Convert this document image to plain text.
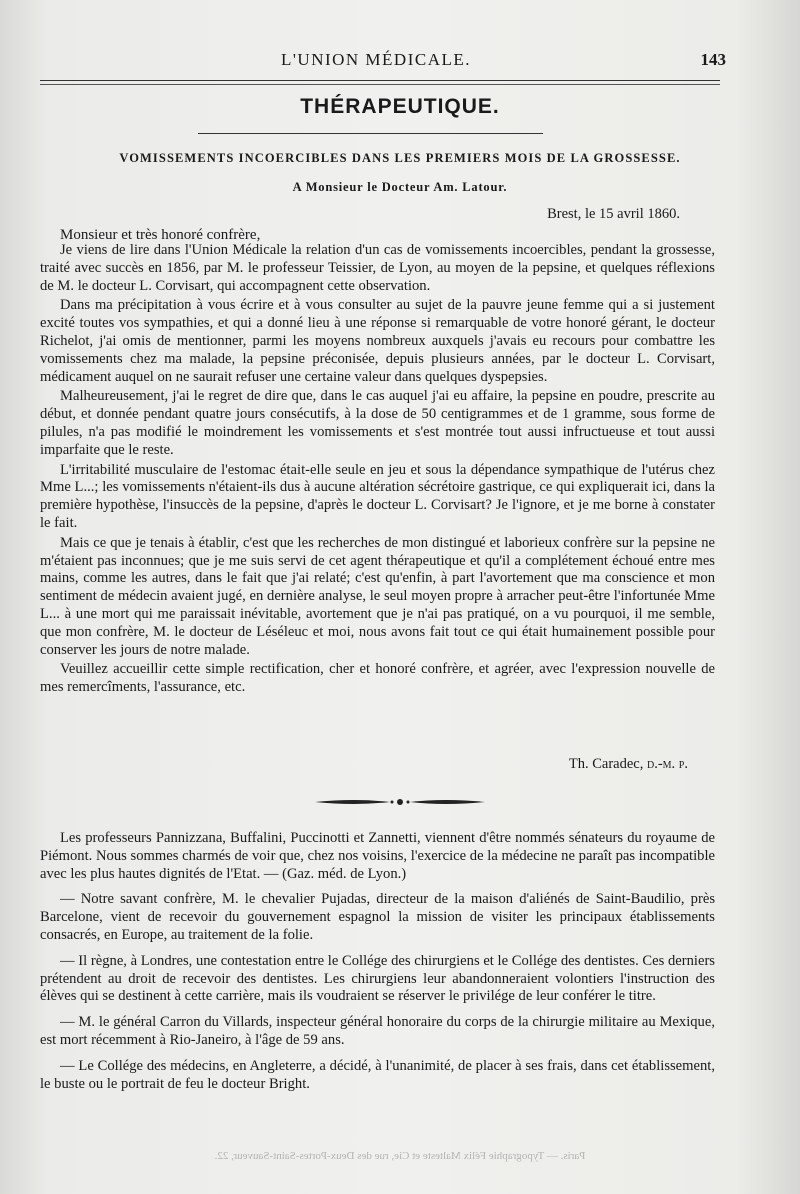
L'UNION MÉDICALE.	143
THÉRAPEUTIQUE.
VOMISSEMENTS INCOERCIBLES DANS LES PREMIERS MOIS DE LA GROSSESSE.
A Monsieur le Docteur Am. Latour.
Brest, le 15 avril 1860.
Monsieur et très honoré confrère,

Je viens de lire dans l'Union Médicale la relation d'un cas de vomissements incoercibles, pendant la grossesse, traité avec succès en 1856, par M. le professeur Teissier, de Lyon, au moyen de la pepsine, et quelques réflexions de M. le docteur L. Corvisart, qui accompagnent cette observation.

Dans ma précipitation à vous écrire et à vous consulter au sujet de la pauvre jeune femme qui a si justement excité toutes vos sympathies, et qui a donné lieu à une réponse si remarquable de votre honoré gérant, le docteur Richelot, j'ai omis de mentionner, parmi les moyens nombreux auxquels j'avais eu recours pour combattre les vomissements chez ma malade, la pepsine préconisée, depuis plusieurs années, par le docteur L. Corvisart, médicament auquel on ne saurait refuser une certaine valeur dans quelques dyspepsies.

Malheureusement, j'ai le regret de dire que, dans le cas auquel j'ai eu affaire, la pepsine en poudre, prescrite au début, et donnée pendant quatre jours consécutifs, à la dose de 50 centigrammes et de 1 gramme, sous forme de pilules, n'a pas modifié le moindrement les vomissements et s'est montrée tout aussi infructueuse et tout aussi imparfaite que le reste.

L'irritabilité musculaire de l'estomac était-elle seule en jeu et sous la dépendance sympathique de l'utérus chez Mme L...; les vomissements n'étaient-ils dus à aucune altération sécrétoire gastrique, ce qui expliquerait ici, dans la première hypothèse, l'insuccès de la pepsine, d'après le docteur L. Corvisart? Je l'ignore, et je me borne à constater le fait.

Mais ce que je tenais à établir, c'est que les recherches de mon distingué et laborieux confrère sur la pepsine ne m'étaient pas inconnues; que je me suis servi de cet agent thérapeutique et qu'il a complétement échoué entre mes mains, comme les autres, dans le fait que j'ai relaté; c'est qu'enfin, à part l'avortement que ma conscience et mon sentiment de médecin avaient jugé, en dernière analyse, le seul moyen propre à arracher peut-être l'infortunée Mme L... à une mort qui me paraissait inévitable, avortement que je n'ai pas pratiqué, on a vu pourquoi, il me semble, que mon confrère, M. le docteur de Léséleuc et moi, nous avons fait tout ce qui était humainement possible pour conserver les jours de notre malade.

Veuillez accueillir cette simple rectification, cher et honoré confrère, et agréer, avec l'expression nouvelle de mes remercîments, l'assurance, etc.

Th. Caradec, d.-m. p.

Les professeurs Pannizzana, Buffalini, Puccinotti et Zannetti, viennent d'être nommés sénateurs du royaume de Piémont. Nous sommes charmés de voir que, chez nos voisins, l'exercice de la médecine ne paraît pas incompatible avec les plus hautes dignités de l'Etat. — (Gaz. méd. de Lyon.)

— Notre savant confrère, M. le chevalier Pujadas, directeur de la maison d'aliénés de Saint-Baudilio, près Barcelone, vient de recevoir du gouvernement espagnol la mission de visiter les principaux établissements consacrés, en Europe, au traitement de la folie.

— Il règne, à Londres, une contestation entre le Collége des chirurgiens et le Collége des dentistes. Ces derniers prétendent au droit de recevoir des dentistes. Les chirurgiens leur abandonneraient volontiers l'instruction des élèves qui se destinent à cette carrière, mais ils voudraient se réserver le privilége de leur conférer le titre.

— M. le général Carron du Villards, inspecteur général honoraire du corps de la chirurgie militaire au Mexique, est mort récemment à Rio-Janeiro, à l'âge de 59 ans.

— Le Collége des médecins, en Angleterre, a décidé, à l'unanimité, de placer à ses frais, dans cet établissement, le buste ou le portrait de feu le docteur Bright.

Paris. — Typographie Félix Malteste et Cie, rue des Deux-Portes-Saint-Sauveur, 22.
